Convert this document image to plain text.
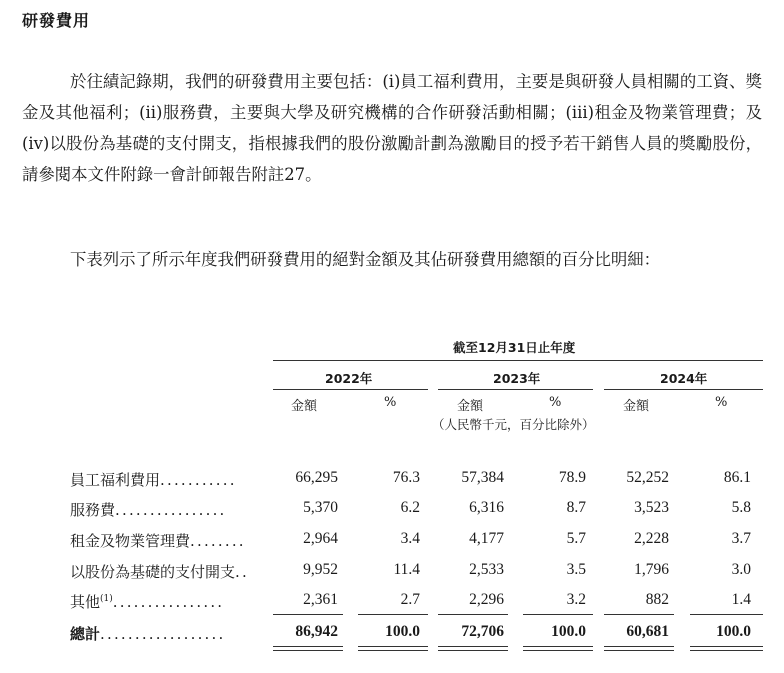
研發費用

於往績記錄期，我們的研發費用主要包括：(i)員工福利費用，主要是與研發人員相關的工資、獎金及其他福利；(ii)服務費，主要與大學及研究機構的合作研發活動相關；(iii)租金及物業管理費；及(iv)以股份為基礎的支付開支，指根據我們的股份激勵計劃為激勵目的授予若干銷售人員的獎勵股份，請參閱本文件附錄一會計師報告附註27。

下表列示了所示年度我們研發費用的絕對金額及其佔研發費用總額的百分比明細：

截至12月31日止年度
2022年	2023年	2024年
金額	%	金額	%	金額	%
（人民幣千元，百分比除外）
員工福利費用...........	66,295	76.3	57,384	78.9	52,252	86.1
服務費................	5,370	6.2	6,316	8.7	3,523	5.8
租金及物業管理費........	2,964	3.4	4,177	5.7	2,228	3.7
以股份為基礎的支付開支..	9,952	11.4	2,533	3.5	1,796	3.0
其他$^{(1)}$................	2,361	2.7	2,296	3.2	882	1.4
總計..................	86,942	100.0	72,706	100.0	60,681	100.0
